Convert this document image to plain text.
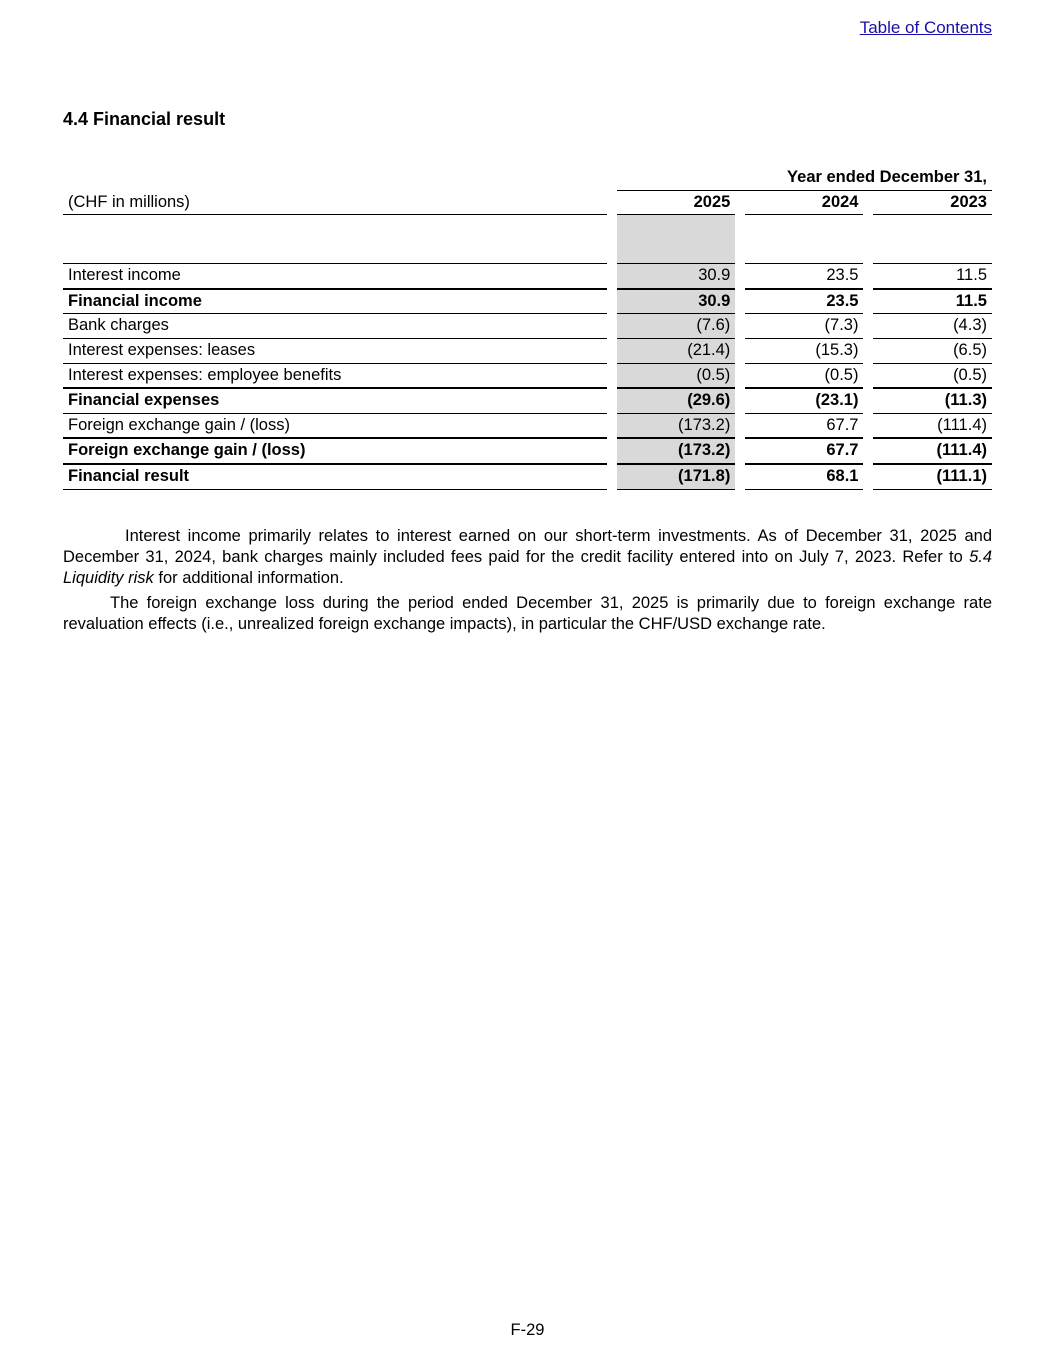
Table of Contents
4.4 Financial result
		Year ended December 31,				
(CHF in millions)		2025		2024		2023

Interest income		30.9		23.5		11.5
Financial income		30.9		23.5		11.5
Bank charges		(7.6)		(7.3)		(4.3)
Interest expenses: leases		(21.4)		(15.3)		(6.5)
Interest expenses: employee benefits		(0.5)		(0.5)		(0.5)
Financial expenses		(29.6)		(23.1)		(11.3)
Foreign exchange gain / (loss)		(173.2)		67.7		(111.4)
Foreign exchange gain / (loss)		(173.2)		67.7		(111.4)
Financial result		(171.8)		68.1		(111.1)

Interest income primarily relates to interest earned on our short-term investments. As of December 31, 2025 and December 31, 2024, bank charges mainly included fees paid for the credit facility entered into on July 7, 2023. Refer to 5.4 Liquidity risk for additional information.

The foreign exchange loss during the period ended December 31, 2025 is primarily due to foreign exchange rate revaluation effects (i.e., unrealized foreign exchange impacts), in particular the CHF/USD exchange rate.

F-29
